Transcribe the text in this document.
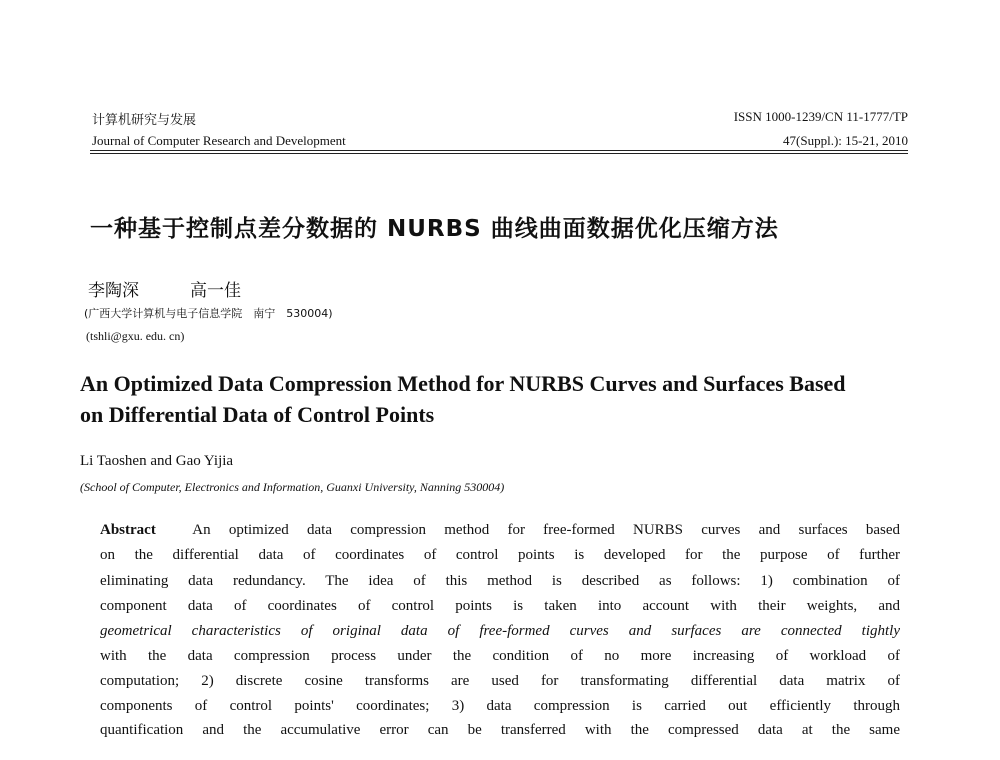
计算机研究与发展
Journal of Computer Research and Development
ISSN 1000-1239/CN 11-1777/TP
47(Suppl.): 15-21, 2010
一种基于控制点差分数据的 NURBS 曲线曲面数据优化压缩方法
李陶深	高一佳
(广西大学计算机与电子信息学院　南宁　530004)
(tshli@gxu. edu. cn)
An Optimized Data Compression Method for NURBS Curves and Surfaces Based
on Differential Data of Control Points
Li Taoshen and Gao Yijia
(School of Computer, Electronics and Information, Guanxi University, Nanning 530004)
Abstract An optimized data compression method for free-formed NURBS curves and surfaces based
on the differential data of coordinates of control points is developed for the purpose of further
eliminating data redundancy. The idea of this method is described as follows: 1) combination of
component data of coordinates of control points is taken into account with their weights, and
geometrical characteristics of original data of free-formed curves and surfaces are connected tightly
with the data compression process under the condition of no more increasing of workload of
computation; 2) discrete cosine transforms are used for transformating differential data matrix of
components of control points' coordinates; 3) data compression is carried out efficiently through
quantification and the accumulative error can be transferred with the compressed data at the same
